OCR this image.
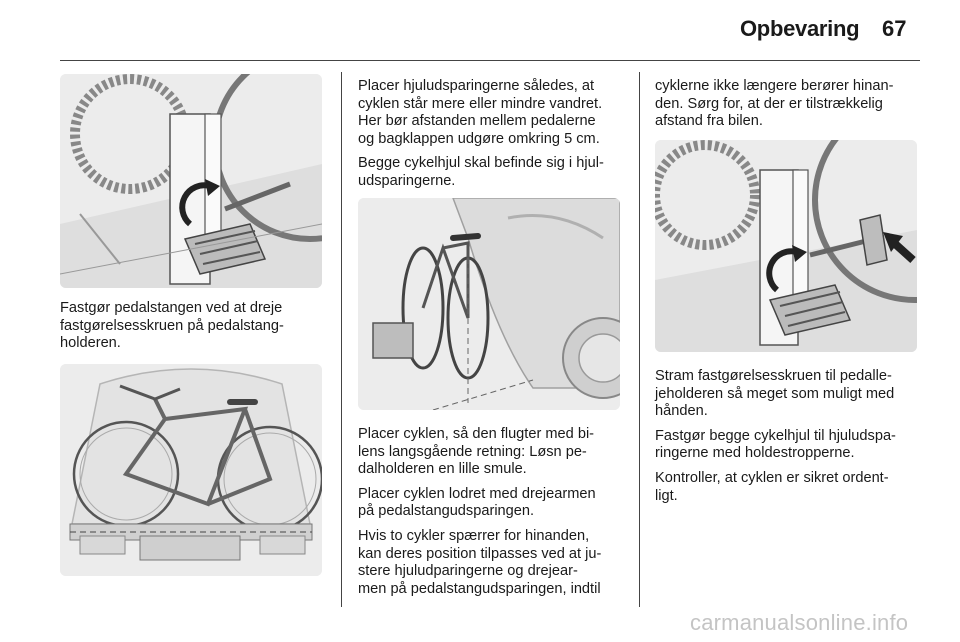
Opbevaring 67

Fastgør pedalstangen ved at dreje
fastgørelsesskruen på pedalstang-
holderen.

Placer hjuludsparingerne således, at
cyklen står mere eller mindre vandret.
Her bør afstanden mellem pedalerne
og bagklappen udgøre omkring 5 cm.

Begge cykelhjul skal befinde sig i hjul-
udsparingerne.

Placer cyklen, så den flugter med bi-
lens langsgående retning: Løsn pe-
dalholderen en lille smule.

Placer cyklen lodret med drejearmen
på pedalstangudsparingen.

Hvis to cykler spærrer for hinanden,
kan deres position tilpasses ved at ju-
stere hjuludparingerne og drejear-
men på pedalstangudsparingen, indtil

cyklerne ikke længere berører hinan-
den. Sørg for, at der er tilstrækkelig
afstand fra bilen.

Stram fastgørelsesskruen til pedalle-
jeholderen så meget som muligt med
hånden.

Fastgør begge cykelhjul til hjuludspa-
ringerne med holdestropperne.

Kontroller, at cyklen er sikret ordent-
ligt.

carmanualsonline.info
